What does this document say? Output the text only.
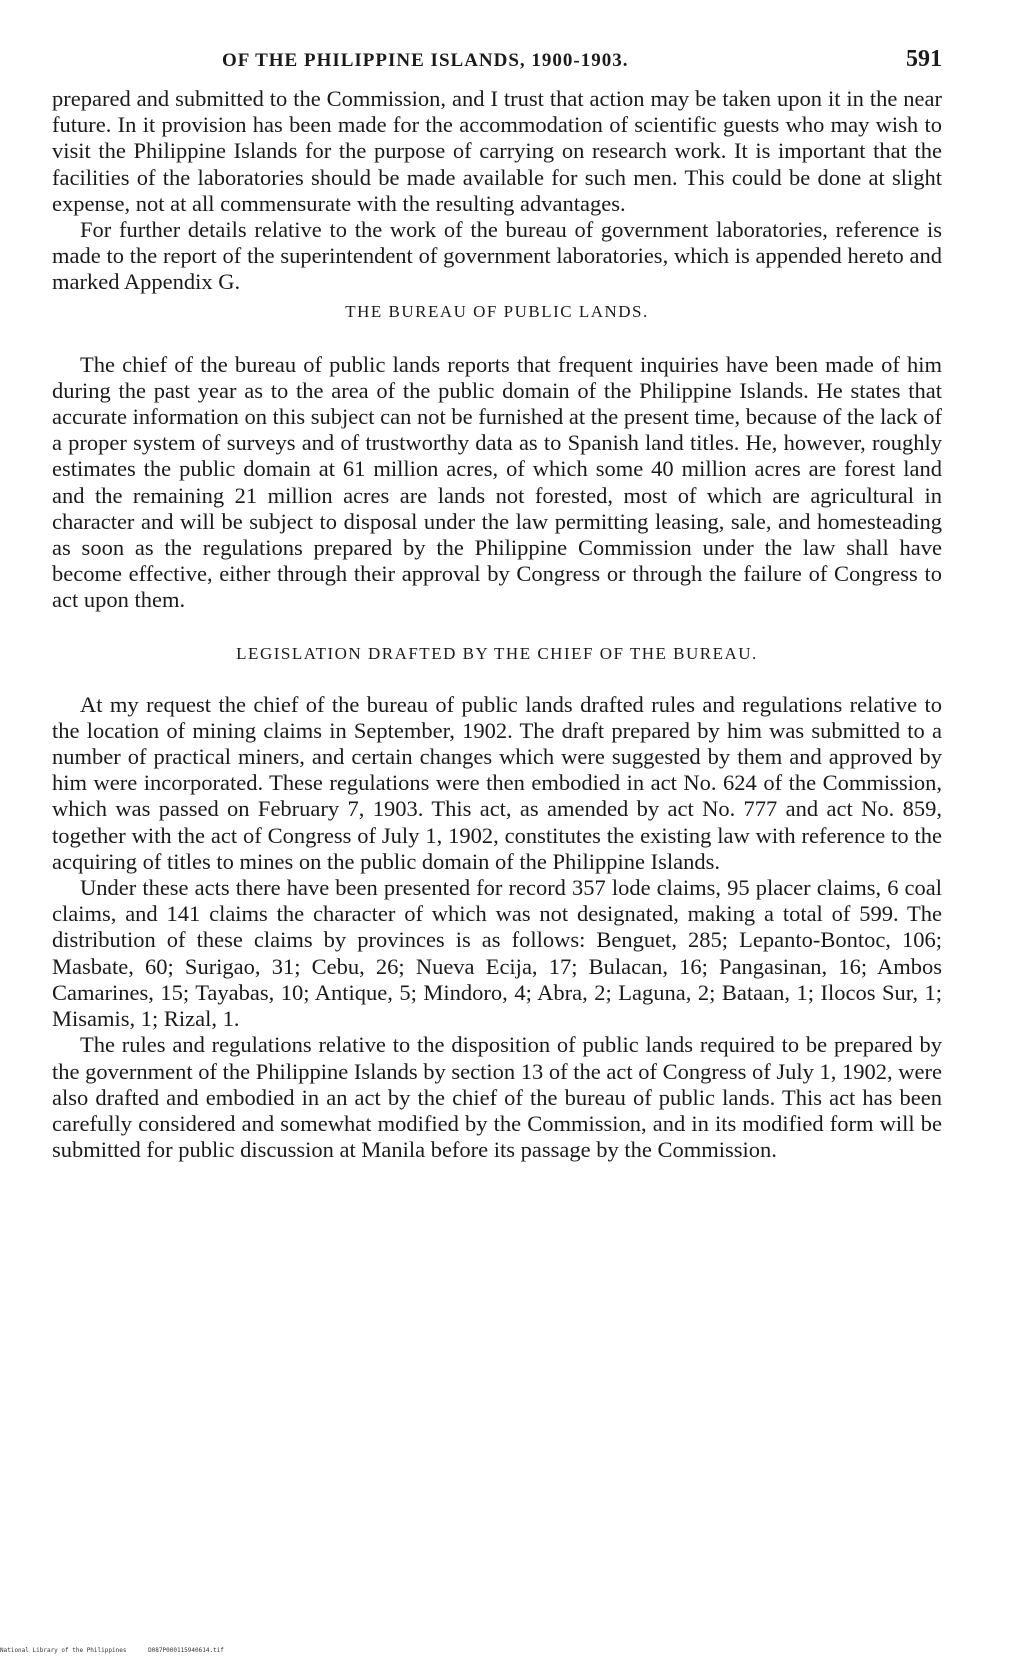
OF THE PHILIPPINE ISLANDS, 1900-1903.	591

prepared and submitted to the Commission, and I trust that action may be taken upon it in the near future. In it provision has been made for the accommodation of scientific guests who may wish to visit the Philippine Islands for the purpose of carrying on research work. It is important that the facilities of the laboratories should be made available for such men. This could be done at slight expense, not at all commensurate with the resulting advantages.

For further details relative to the work of the bureau of government laboratories, reference is made to the report of the superintendent of government laboratories, which is appended hereto and marked Appendix G.

THE BUREAU OF PUBLIC LANDS.

The chief of the bureau of public lands reports that frequent inquiries have been made of him during the past year as to the area of the public domain of the Philippine Islands. He states that accurate information on this subject can not be furnished at the present time, because of the lack of a proper system of surveys and of trustworthy data as to Spanish land titles. He, however, roughly estimates the public domain at 61 million acres, of which some 40 million acres are forest land and the remaining 21 million acres are lands not forested, most of which are agricultural in character and will be subject to disposal under the law permitting leasing, sale, and homesteading as soon as the regulations prepared by the Philippine Commission under the law shall have become effective, either through their approval by Congress or through the failure of Congress to act upon them.

LEGISLATION DRAFTED BY THE CHIEF OF THE BUREAU.

At my request the chief of the bureau of public lands drafted rules and regulations relative to the location of mining claims in September, 1902. The draft prepared by him was submitted to a number of practical miners, and certain changes which were suggested by them and approved by him were incorporated. These regulations were then embodied in act No. 624 of the Commission, which was passed on February 7, 1903. This act, as amended by act No. 777 and act No. 859, together with the act of Congress of July 1, 1902, constitutes the existing law with reference to the acquiring of titles to mines on the public domain of the Philippine Islands.

Under these acts there have been presented for record 357 lode claims, 95 placer claims, 6 coal claims, and 141 claims the character of which was not designated, making a total of 599. The distribution of these claims by provinces is as follows: Benguet, 285; Lepanto-Bontoc, 106; Masbate, 60; Surigao, 31; Cebu, 26; Nueva Ecija, 17; Bulacan, 16; Pangasinan, 16; Ambos Camarines, 15; Tayabas, 10; Antique, 5; Mindoro, 4; Abra, 2; Laguna, 2; Bataan, 1; Ilocos Sur, 1; Misamis, 1; Rizal, 1.

The rules and regulations relative to the disposition of public lands required to be prepared by the government of the Philippine Islands by section 13 of the act of Congress of July 1, 1902, were also drafted and embodied in an act by the chief of the bureau of public lands. This act has been carefully considered and somewhat modified by the Commission, and in its modified form will be submitted for public discussion at Manila before its passage by the Commission.

National Library of the Philippines	D087P000115940614.tif
